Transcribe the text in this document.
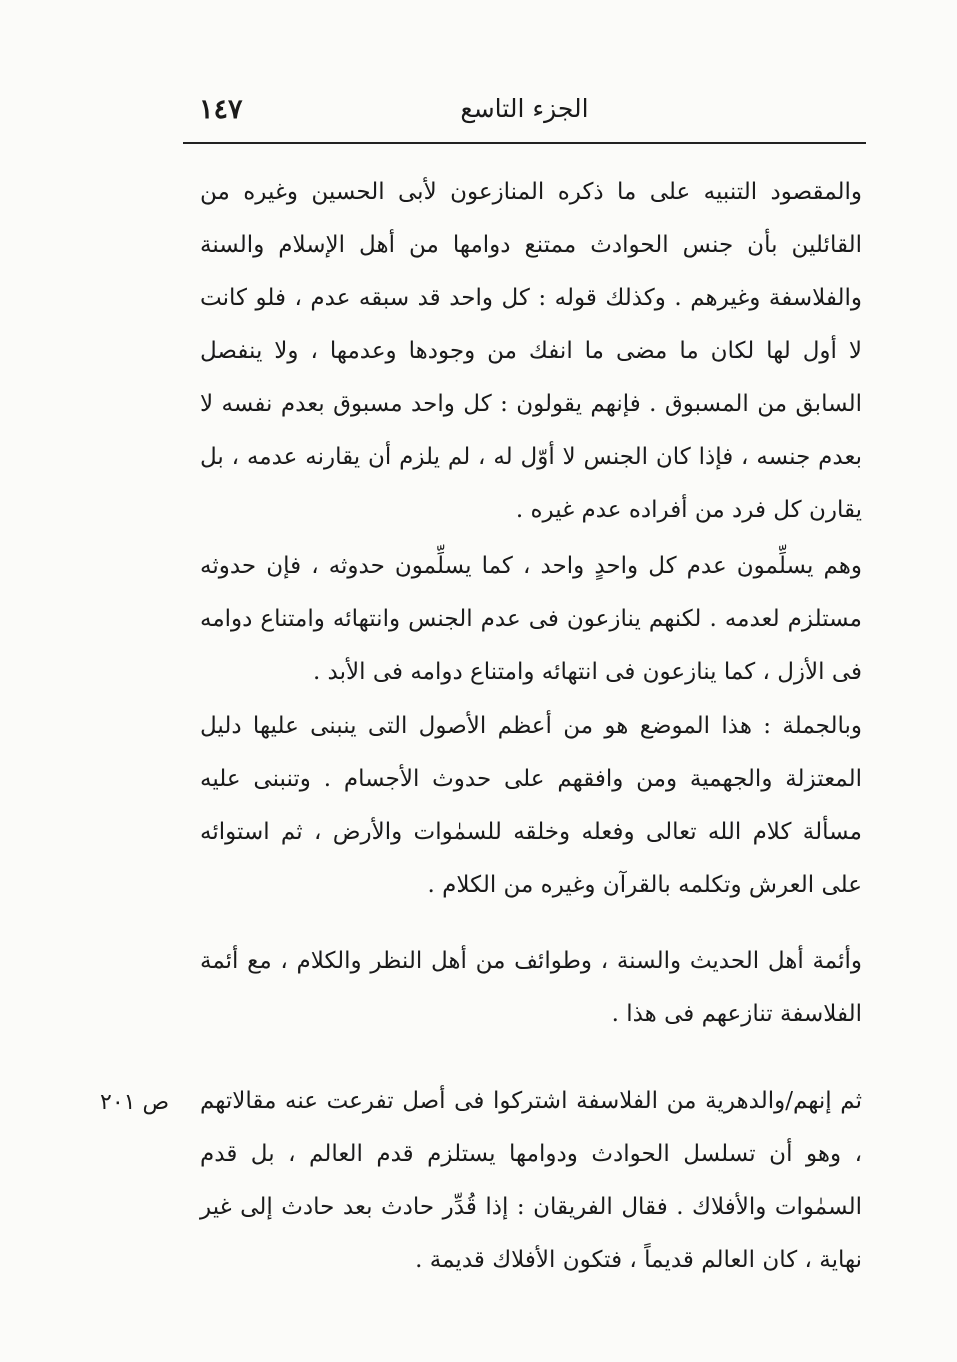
١٤٧	الجزء التاسع
والمقصود التنبيه على ما ذكره المنازعون لأبى الحسين وغيره من القائلين بأن جنس الحوادث ممتنع دوامها من أهل الإسلام والسنة والفلاسفة وغيرهم . وكذلك قوله : كل واحد قد سبقه عدم ، فلو كانت لا أول لها لكان ما مضى ما انفك من وجودها وعدمها ، ولا ينفصل السابق من المسبوق . فإنهم يقولون : كل واحد مسبوق بعدم نفسه لا بعدم جنسه ، فإذا كان الجنس لا أوّل له ، لم يلزم أن يقارنه عدمه ، بل يقارن كل فرد من أفراده عدم غيره .
وهم يسلِّمون عدم كل واحدٍ واحد ، كما يسلِّمون حدوثه ، فإن حدوثه مستلزم لعدمه . لكنهم ينازعون فى عدم الجنس وانتهائه وامتناع دوامه فى الأزل ، كما ينازعون فى انتهائه وامتناع دوامه فى الأبد .
وبالجملة : هذا الموضع هو من أعظم الأصول التى ينبنى عليها دليل المعتزلة والجهمية ومن وافقهم على حدوث الأجسام . وتنبنى عليه مسألة كلام الله تعالى وفعله وخلقه للسمٰوات والأرض ، ثم استوائه على العرش وتكلمه بالقرآن وغيره من الكلام .
وأئمة أهل الحديث والسنة ، وطوائف من أهل النظر والكلام ، مع أئمة الفلاسفة تنازعهم فى هذا .
ثم إنهم/والدهرية من الفلاسفة اشتركوا فى أصل تفرعت عنه مقالاتهم ، وهو أن تسلسل الحوادث ودوامها يستلزم قدم العالم ، بل قدم السمٰوات والأفلاك . فقال الفريقان : إذا قُدِّر حادث بعد حادث إلى غير نهاية ، كان العالم قديماً ، فتكون الأفلاك قديمة .
ص ٢٠١
